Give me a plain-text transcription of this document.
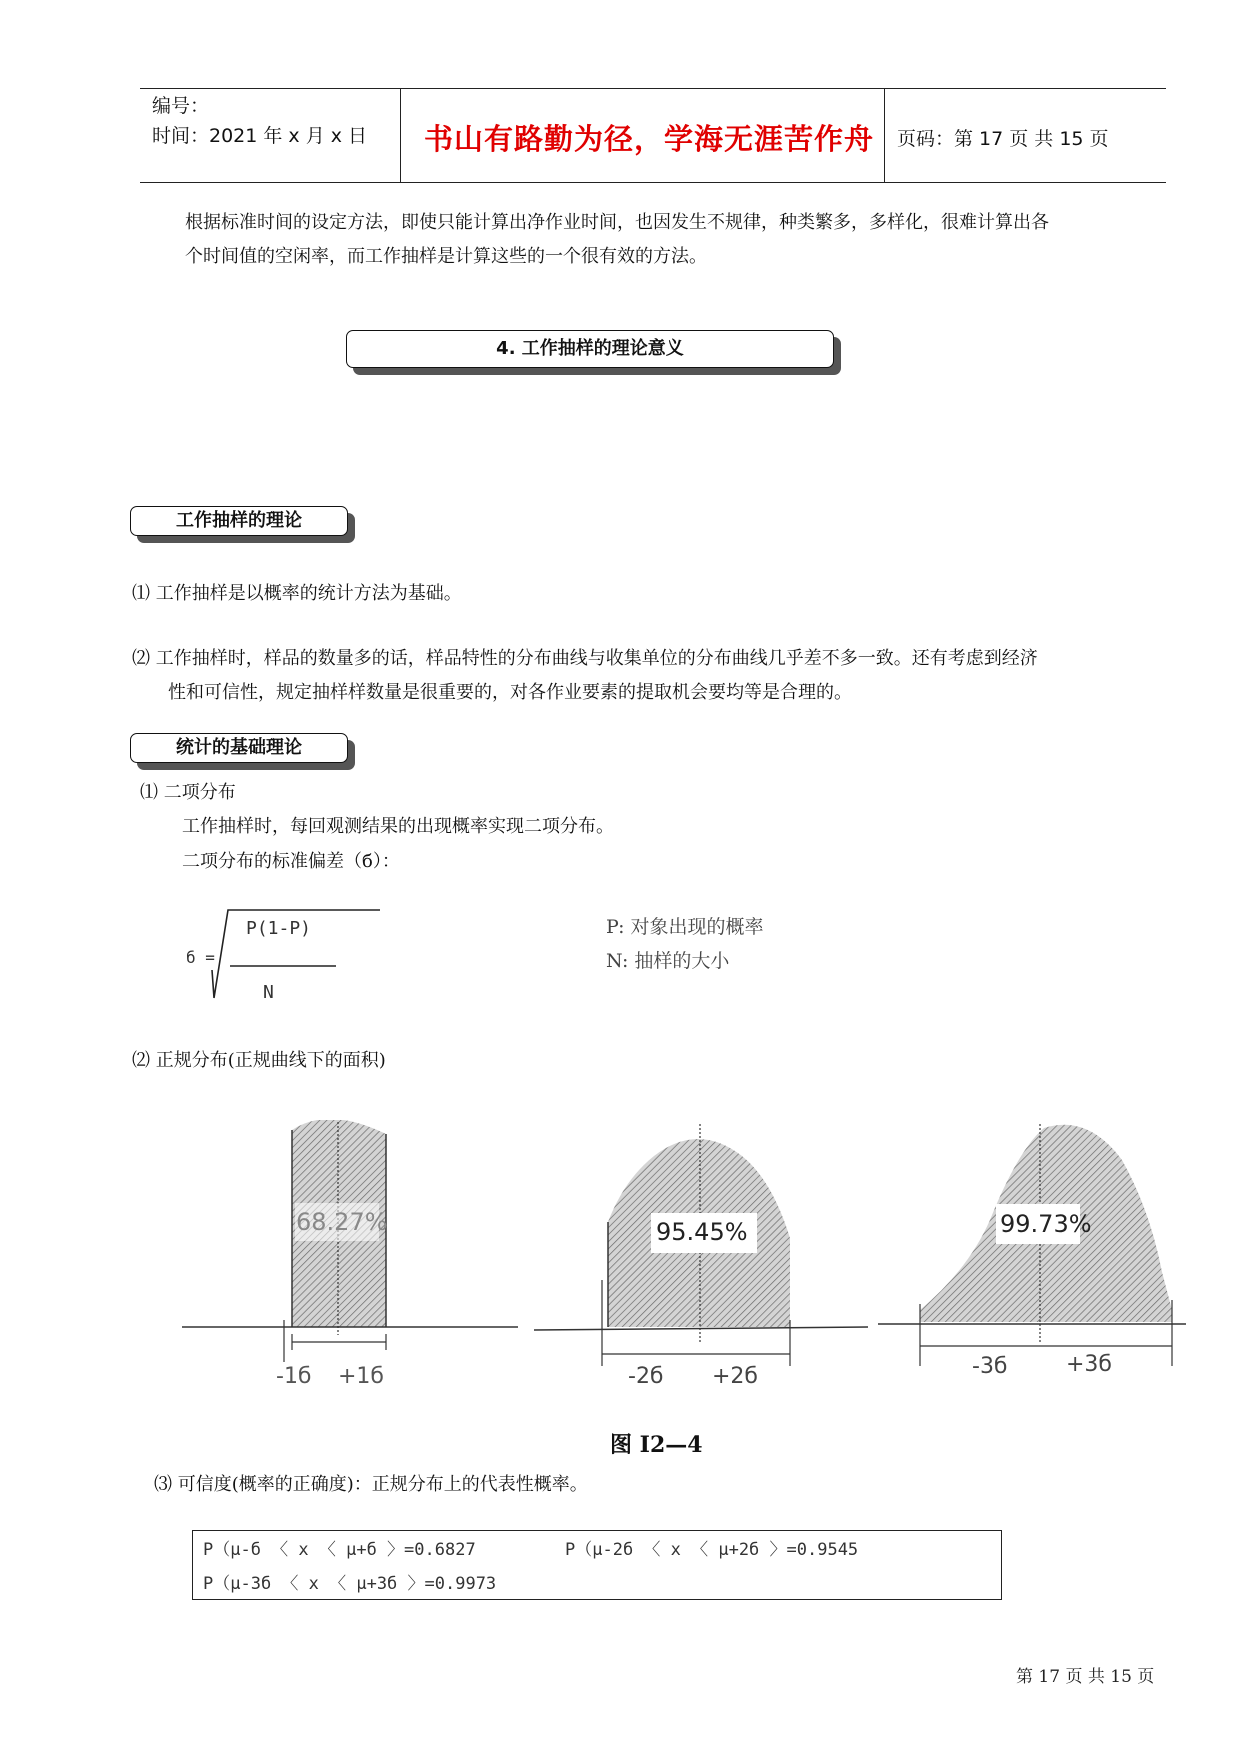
编号：
时间：2021 年 x 月 x 日 书山有路勤为径，学海无涯苦作舟 页码：第 17 页 共 15 页
根据标准时间的设定方法，即使只能计算出净作业时间，也因发生不规律，种类繁多，多样化，很难计算出各
个时间值的空闲率，而工作抽样是计算这些的一个很有效的方法。
4. 工作抽样的理论意义
工作抽样的理论
⑴ 工作抽样是以概率的统计方法为基础。
⑵ 工作抽样时，样品的数量多的话，样品特性的分布曲线与收集单位的分布曲线几乎差不多一致。还有考虑到经济
性和可信性，规定抽样样数量是很重要的，对各作业要素的提取机会要均等是合理的。
统计的基础理论
⑴ 二项分布
工作抽样时，每回观测结果的出现概率实现二项分布。
二项分布的标准偏差（б）：
б =
P(1-P)
N
P: 对象出现的概率
N: 抽样的大小
⑵ 正规分布(正规曲线下的面积)
68.27%
-1б +1б
95.45%
-2б +2б
99.73%
-3б	+3б
图 I2—4
⑶ 可信度(概率的正确度)：正规分布上的代表性概率。
P（μ-б 〈 x 〈 μ+б 〉=0.6827	P（μ-2б 〈 x 〈 μ+2б 〉=0.9545
P（μ-3б 〈 x 〈 μ+3б 〉=0.9973
第 17 页 共 15 页
